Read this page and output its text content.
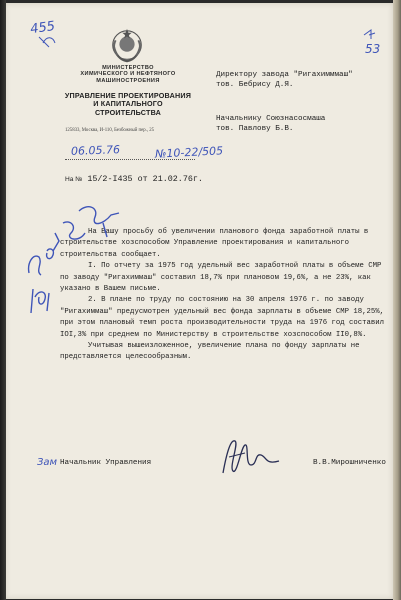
МИНИСТЕРСТВО
ХИМИЧЕСКОГО И НЕФТЯНОГО
МАШИНОСТРОЕНИЯ
УПРАВЛЕНИЕ ПРОЕКТИРОВАНИЯ
И КАПИТАЛЬНОГО
СТРОИТЕЛЬСТВА
125833, Москва, И-110, Безбожный пер., 25
06.05.76	№10-22/505
На № 15/2-I435 от 21.02.76г.
Директору завода "Ригахимммаш"
тов. Бебрису Д.Я.
Начальнику Союзнасосмаша
тов. Павлову Б.В.

На Вашу просьбу об увеличении планового фонда заработной платы в строительстве хозспособом Управление проектирования и капитального строительства сообщает.

I. По отчету за 1975 год удельный вес заработной платы в объеме СМР по заводу "Ригахиммаш" составил 18,7% при плановом 19,6%, а не 23%, как указано в Вашем письме.

2. В плане по труду по состоянию на 30 апреля 1976 г. по заводу "Ригахиммаш" предусмотрен удельный вес фонда зарплаты в объеме СМР 18,25%, при этом плановый темп роста производительности труда на 1976 год составил IOI,3% при среднем по Министерству в строительстве хозспособом II0,8%.

Учитывая вышеизложенное, увеличение плана по фонду зарплаты не представляется целесообразным.

Зам Начальник Управления	В.В.Мирошниченко
455
53
